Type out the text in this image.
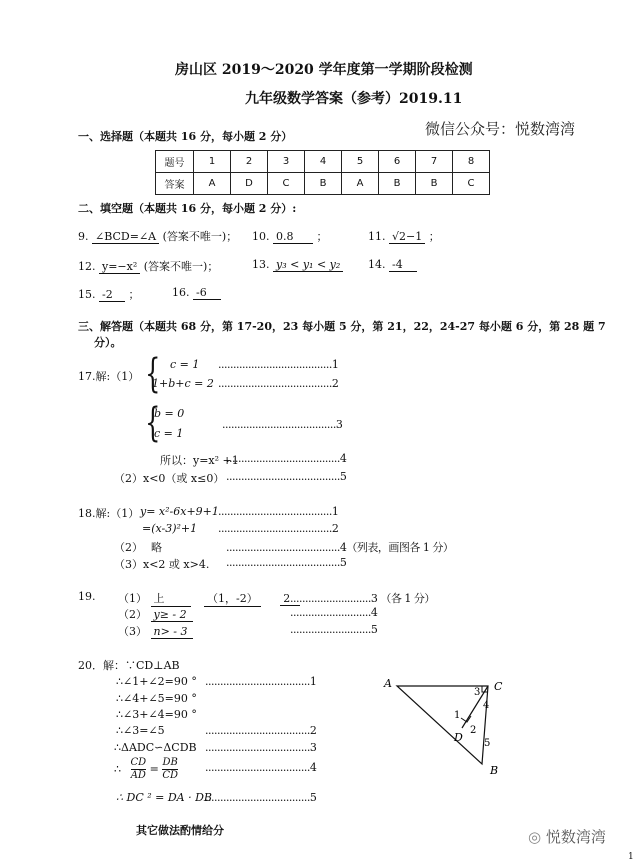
房山区 2019～2020 学年度第一学期阶段检测
九年级数学答案（参考）2019.11
微信公众号：悦数湾湾
一、选择题（本题共 16 分，每小题 2 分）
题号	1	2	3	4	5	6	7	8
答案	A	D	C	B	A	B	B	C
二、填空题（本题共 16 分，每小题 2 分）:
9. ∠BCD=∠A (答案不唯一)； 10. 0.8 ；	11. √2−1 ；
12. y=−x² (答案不唯一)；	13. y₃ < y₁ < y₂	14. -4
15. -2 ；	16. -6
三、解答题（本题共 68 分，第 17-20，23 每小题 5 分，第 21，22，24-27 每小题 6 分，第 28 题 7
分）。
17.解:（1） { c = 1
1+b+c = 2
......................................1
......................................2
{
b = 0
c = 1
......................................3
所以：y=x² +1
......................................4
（2）x<0（或 x≤0） ......................................5
18.解:（1） y= x²-6x+9+1 ......................................1
=(x-3)²+1 ......................................2
（2） 略	......................................4（列表，画图各 1 分）
（3）x<2 或 x>4. ......................................5
19. （1） 上	（1，-2） 2 ...........................3 （各 1 分）
（2） y≥ - 2	...........................4
（3） n> - 3	...........................5
20．解：∵CD⊥AB
∴∠1+∠2=90 ° ...................................1
∴∠4+∠5=90 °
∴∠3+∠4=90 °
∴∠3=∠5	...................................2
∴ΔADC∽ΔCDB ...................................3
∴ $\frac{CD}{AD} = \frac{DB}{CD} ...................................4$
∴ DC ² = DA · DB
...................................5
其它做法酌情给分
A	C
D
B
1
2
3
4
5
◎ 悦数湾湾
1
